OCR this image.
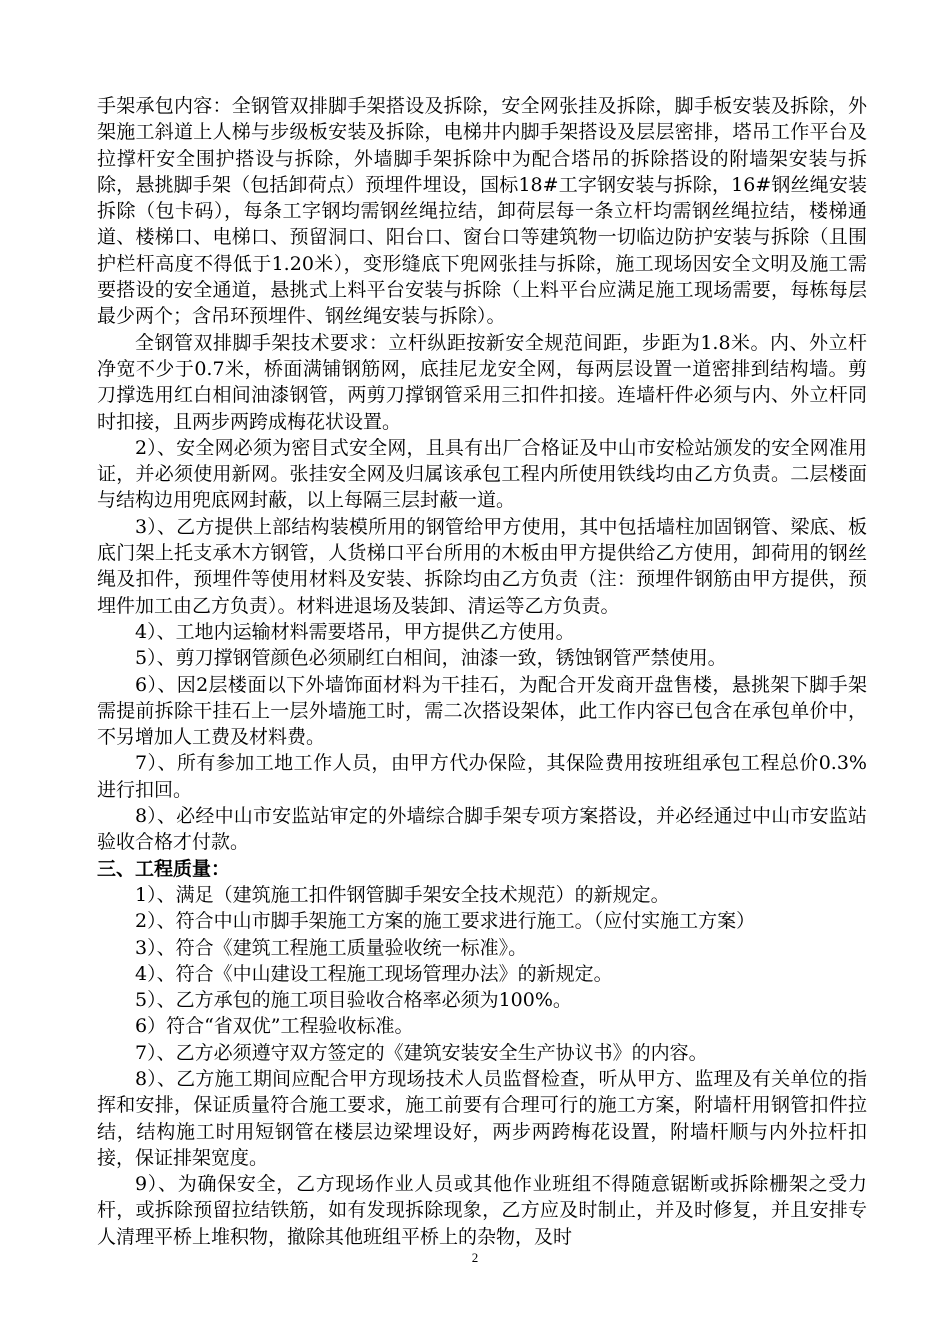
手架承包内容：全钢管双排脚手架搭设及拆除，安全网张挂及拆除，脚手板安装及拆除，外架施工斜道上人梯与步级板安装及拆除，电梯井内脚手架搭设及层层密排，塔吊工作平台及拉撑杆安全围护搭设与拆除，外墙脚手架拆除中为配合塔吊的拆除搭设的附墙架安装与拆除，悬挑脚手架（包括卸荷点）预埋件埋设，国标18#工字钢安装与拆除，16#钢丝绳安装拆除（包卡码），每条工字钢均需钢丝绳拉结，卸荷层每一条立杆均需钢丝绳拉结，楼梯通道、楼梯口、电梯口、预留洞口、阳台口、窗台口等建筑物一切临边防护安装与拆除（且围护栏杆高度不得低于1.20米），变形缝底下兜网张挂与拆除，施工现场因安全文明及施工需要搭设的安全通道，悬挑式上料平台安装与拆除（上料平台应满足施工现场需要，每栋每层最少两个；含吊环预埋件、钢丝绳安装与拆除）。

全钢管双排脚手架技术要求：立杆纵距按新安全规范间距，步距为1.8米。内、外立杆净宽不少于0.7米，桥面满铺钢筋网，底挂尼龙安全网，每两层设置一道密排到结构墙。剪刀撑选用红白相间油漆钢管，两剪刀撑钢管采用三扣件扣接。连墙杆件必须与内、外立杆同时扣接，且两步两跨成梅花状设置。

2）、安全网必须为密目式安全网，且具有出厂合格证及中山市安检站颁发的安全网准用证，并必须使用新网。张挂安全网及归属该承包工程内所使用铁线均由乙方负责。二层楼面与结构边用兜底网封蔽，以上每隔三层封蔽一道。

3）、乙方提供上部结构装模所用的钢管给甲方使用，其中包括墙柱加固钢管、梁底、板底门架上托支承木方钢管，人货梯口平台所用的木板由甲方提供给乙方使用，卸荷用的钢丝绳及扣件，预埋件等使用材料及安装、拆除均由乙方负责（注：预埋件钢筋由甲方提供，预埋件加工由乙方负责）。材料进退场及装卸、清运等乙方负责。

4）、工地内运输材料需要塔吊，甲方提供乙方使用。

5）、剪刀撑钢管颜色必须刷红白相间，油漆一致，锈蚀钢管严禁使用。

6）、因2层楼面以下外墙饰面材料为干挂石，为配合开发商开盘售楼，悬挑架下脚手架需提前拆除干挂石上一层外墙施工时，需二次搭设架体，此工作内容已包含在承包单价中，不另增加人工费及材料费。

7）、所有参加工地工作人员，由甲方代办保险，其保险费用按班组承包工程总价0.3%进行扣回。

8）、必经中山市安监站审定的外墙综合脚手架专项方案搭设，并必经通过中山市安监站验收合格才付款。

三、工程质量：

1）、满足（建筑施工扣件钢管脚手架安全技术规范）的新规定。

2）、符合中山市脚手架施工方案的施工要求进行施工。（应付实施工方案）

3）、符合《建筑工程施工质量验收统一标准》。

4）、符合《中山建设工程施工现场管理办法》的新规定。

5）、乙方承包的施工项目验收合格率必须为100%。

6）符合“省双优”工程验收标准。

7）、乙方必须遵守双方签定的《建筑安装安全生产协议书》的内容。

8）、乙方施工期间应配合甲方现场技术人员监督检查，听从甲方、监理及有关单位的指挥和安排，保证质量符合施工要求，施工前要有合理可行的施工方案，附墙杆用钢管扣件拉结，结构施工时用短钢管在楼层边梁埋设好，两步两跨梅花设置，附墙杆顺与内外拉杆扣接，保证排架宽度。

9）、为确保安全，乙方现场作业人员或其他作业班组不得随意锯断或拆除栅架之受力杆，或拆除预留拉结铁筋，如有发现拆除现象，乙方应及时制止，并及时修复，并且安排专人清理平桥上堆积物，撤除其他班组平桥上的杂物，及时

2
